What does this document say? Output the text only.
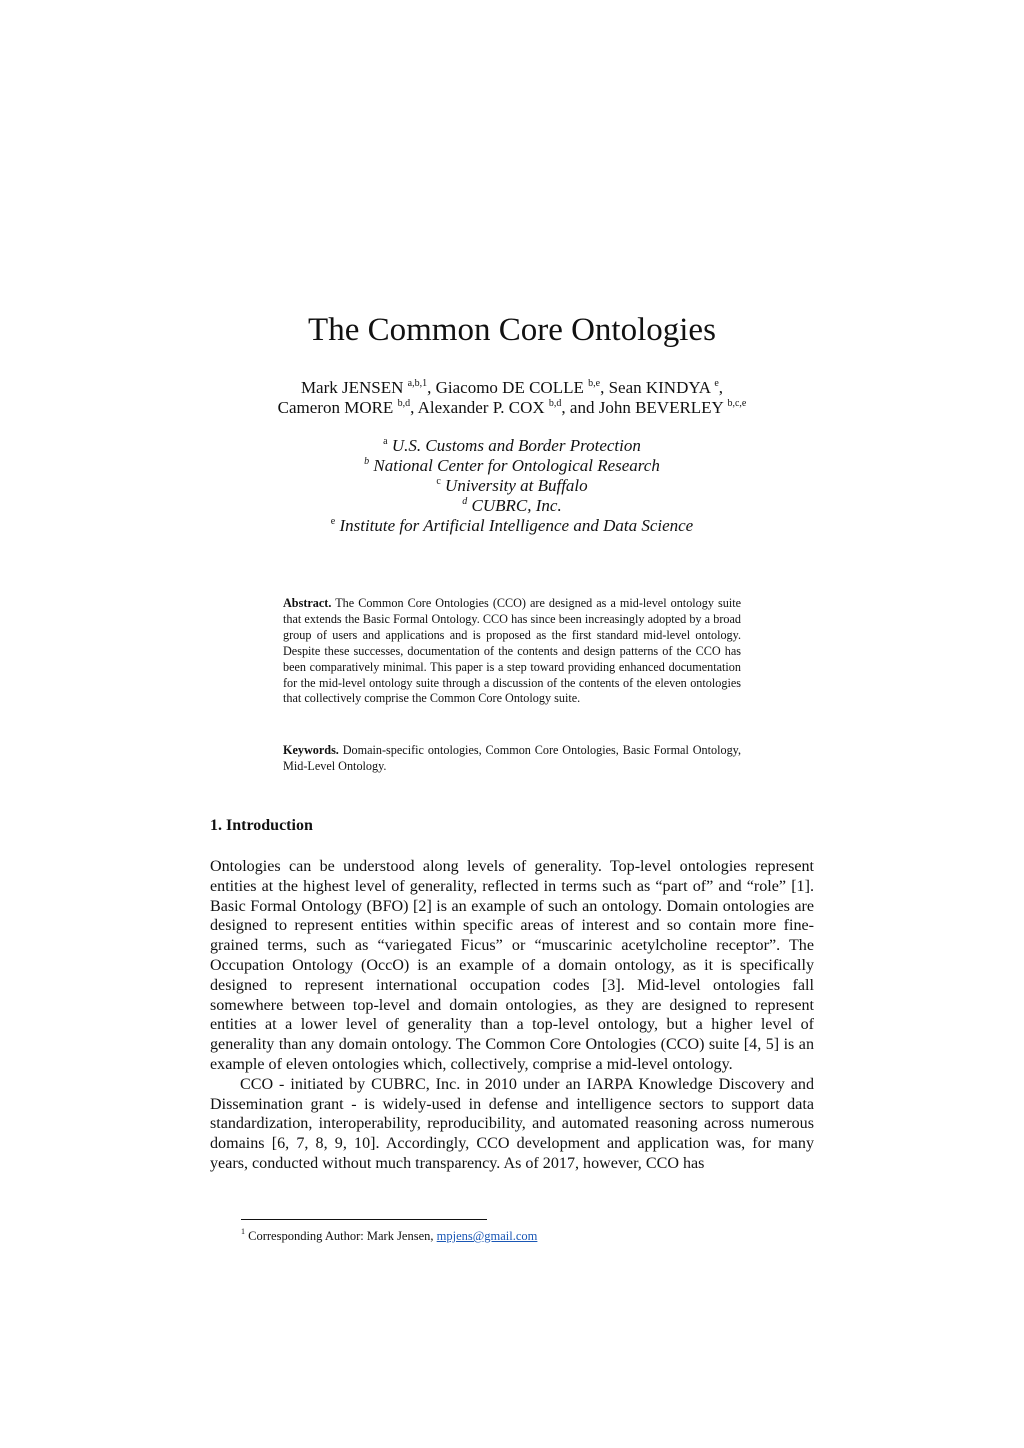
The Common Core Ontologies
Mark JENSEN $^{a,b,1}$, Giacomo DE COLLE $^{b,e}$, Sean KINDYA $^e$,
Cameron MORE $^{b,d}$, Alexander P. COX $^{b,d}$, and John BEVERLEY $^{b,c,e}$
$^a$ U.S. Customs and Border Protection
$^b$ National Center for Ontological Research
$^c$ University at Buffalo
$^d$ CUBRC, Inc.
$^e$ Institute for Artificial Intelligence and Data Science
Abstract. The Common Core Ontologies (CCO) are designed as a mid-level ontology suite that extends the Basic Formal Ontology. CCO has since been increasingly adopted by a broad group of users and applications and is proposed as the first standard mid-level ontology. Despite these successes, documentation of the contents and design patterns of the CCO has been comparatively minimal. This paper is a step toward providing enhanced documentation for the mid-level ontology suite through a discussion of the contents of the eleven ontologies that collectively comprise the Common Core Ontology suite.
Keywords. Domain-specific ontologies, Common Core Ontologies, Basic Formal Ontology, Mid-Level Ontology.
1. Introduction

Ontologies can be understood along levels of generality. Top-level ontologies represent entities at the highest level of generality, reflected in terms such as “part of” and “role” [1]. Basic Formal Ontology (BFO) [2] is an example of such an ontology. Domain ontologies are designed to represent entities within specific areas of interest and so contain more fine-grained terms, such as “variegated Ficus” or “muscarinic acetylcholine receptor”. The Occupation Ontology (OccO) is an example of a domain ontology, as it is specifically designed to represent international occupation codes [3]. Mid-level ontologies fall somewhere between top-level and domain ontologies, as they are designed to represent entities at a lower level of generality than a top-level ontology, but a higher level of generality than any domain ontology. The Common Core Ontologies (CCO) suite [4, 5] is an example of eleven ontologies which, collectively, comprise a mid-level ontology.

CCO - initiated by CUBRC, Inc. in 2010 under an IARPA Knowledge Discovery and Dissemination grant - is widely-used in defense and intelligence sectors to support data standardization, interoperability, reproducibility, and automated reasoning across numerous domains [6, 7, 8, 9, 10]. Accordingly, CCO development and application was, for many years, conducted without much transparency. As of 2017, however, CCO has

$^1$ Corresponding Author: Mark Jensen, mpjens@gmail.com
